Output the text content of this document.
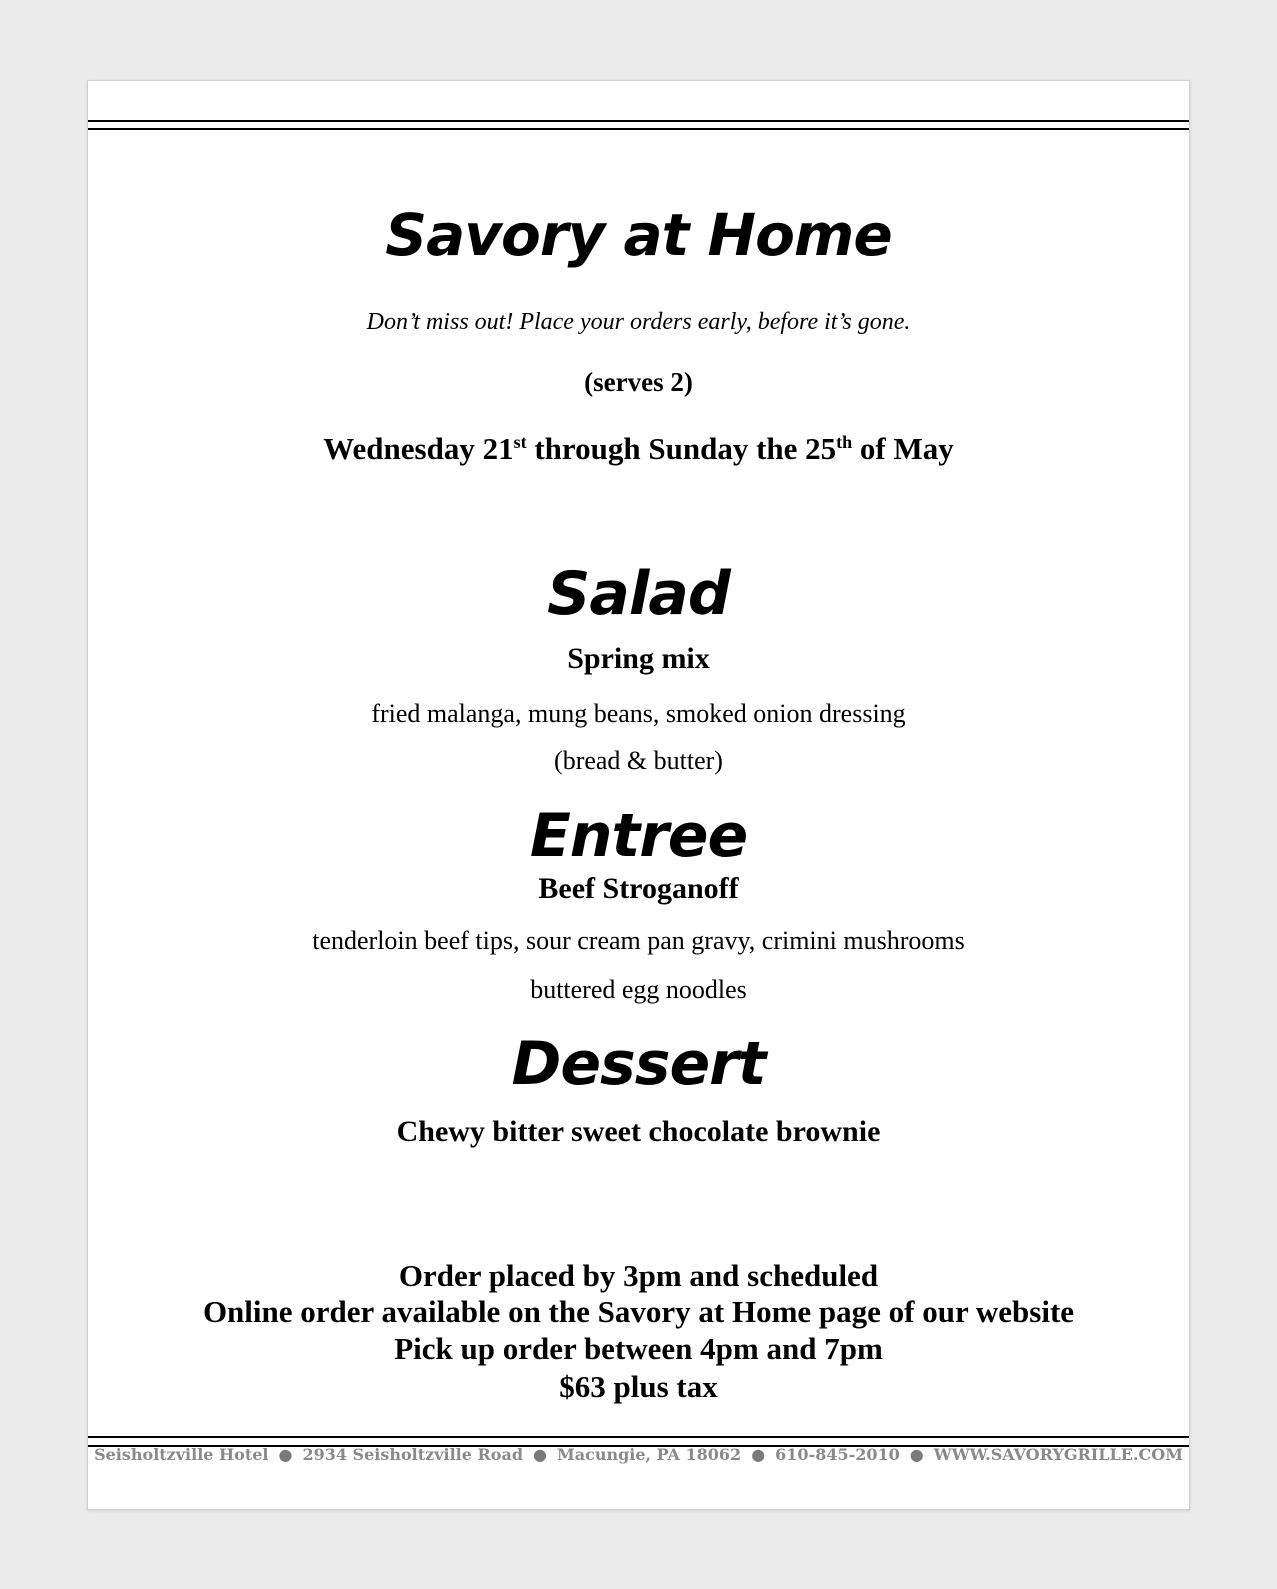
Savory at Home
Don’t miss out! Place your orders early, before it’s gone.
(serves 2)
Wednesday 21st through Sunday the 25th of May
Salad
Spring mix
fried malanga, mung beans, smoked onion dressing
(bread & butter)
Entree
Beef Stroganoff
tenderloin beef tips, sour cream pan gravy, crimini mushrooms
buttered egg noodles
Dessert
Chewy bitter sweet chocolate brownie
Order placed by 3pm and scheduled
Online order available on the Savory at Home page of our website
Pick up order between 4pm and 7pm
$63 plus tax
Seisholtzville Hotel ● 2934 Seisholtzville Road ● Macungie, PA 18062 ● 610-845-2010 ● WWW.SAVORYGRILLE.COM
